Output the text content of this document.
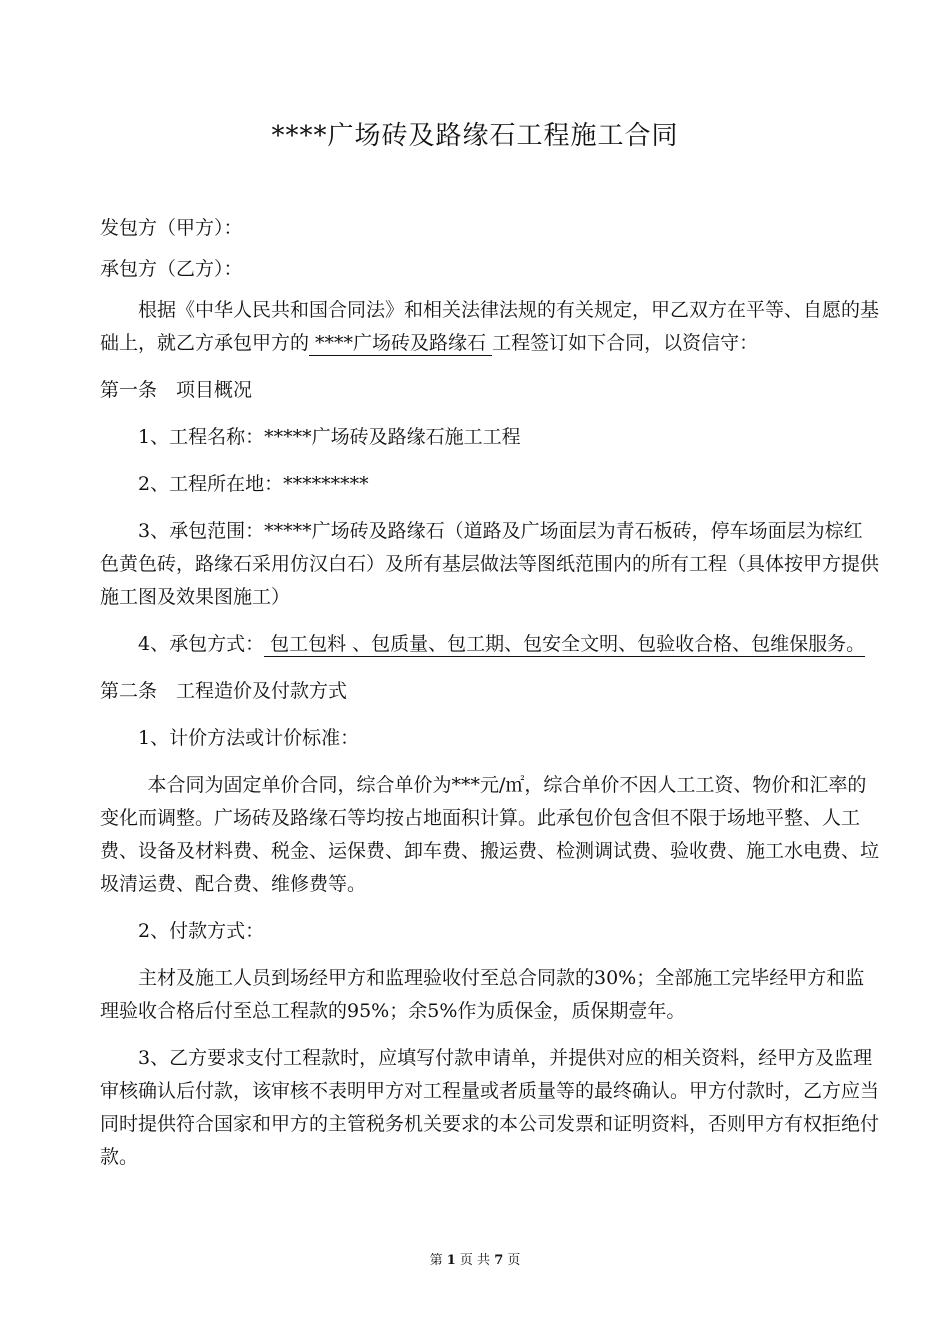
****广场砖及路缘石工程施工合同

发包方（甲方）：

承包方（乙方）：

根据《中华人民共和国合同法》和相关法律法规的有关规定，甲乙双方在平等、自愿的基础上，就乙方承包甲方的 ****广场砖及路缘石 工程签订如下合同，以资信守：

第一条　项目概况

1、工程名称：*****广场砖及路缘石施工工程

2、工程所在地：*********

3、承包范围：*****广场砖及路缘石（道路及广场面层为青石板砖，停车场面层为棕红色黄色砖，路缘石采用仿汉白石）及所有基层做法等图纸范围内的所有工程（具体按甲方提供施工图及效果图施工）

4、承包方式： 包工包料 、包质量、包工期、包安全文明、包验收合格、包维保服务。

第二条　工程造价及付款方式

1、计价方法或计价标准：

本合同为固定单价合同，综合单价为***元/㎡，综合单价不因人工工资、物价和汇率的变化而调整。广场砖及路缘石等均按占地面积计算。此承包价包含但不限于场地平整、人工费、设备及材料费、税金、运保费、卸车费、搬运费、检测调试费、验收费、施工水电费、垃圾清运费、配合费、维修费等。

2、付款方式：

主材及施工人员到场经甲方和监理验收付至总合同款的30%；全部施工完毕经甲方和监理验收合格后付至总工程款的95%；余5%作为质保金，质保期壹年。

3、乙方要求支付工程款时，应填写付款申请单，并提供对应的相关资料，经甲方及监理审核确认后付款，该审核不表明甲方对工程量或者质量等的最终确认。甲方付款时，乙方应当同时提供符合国家和甲方的主管税务机关要求的本公司发票和证明资料，否则甲方有权拒绝付款。

第 1 页 共 7 页
